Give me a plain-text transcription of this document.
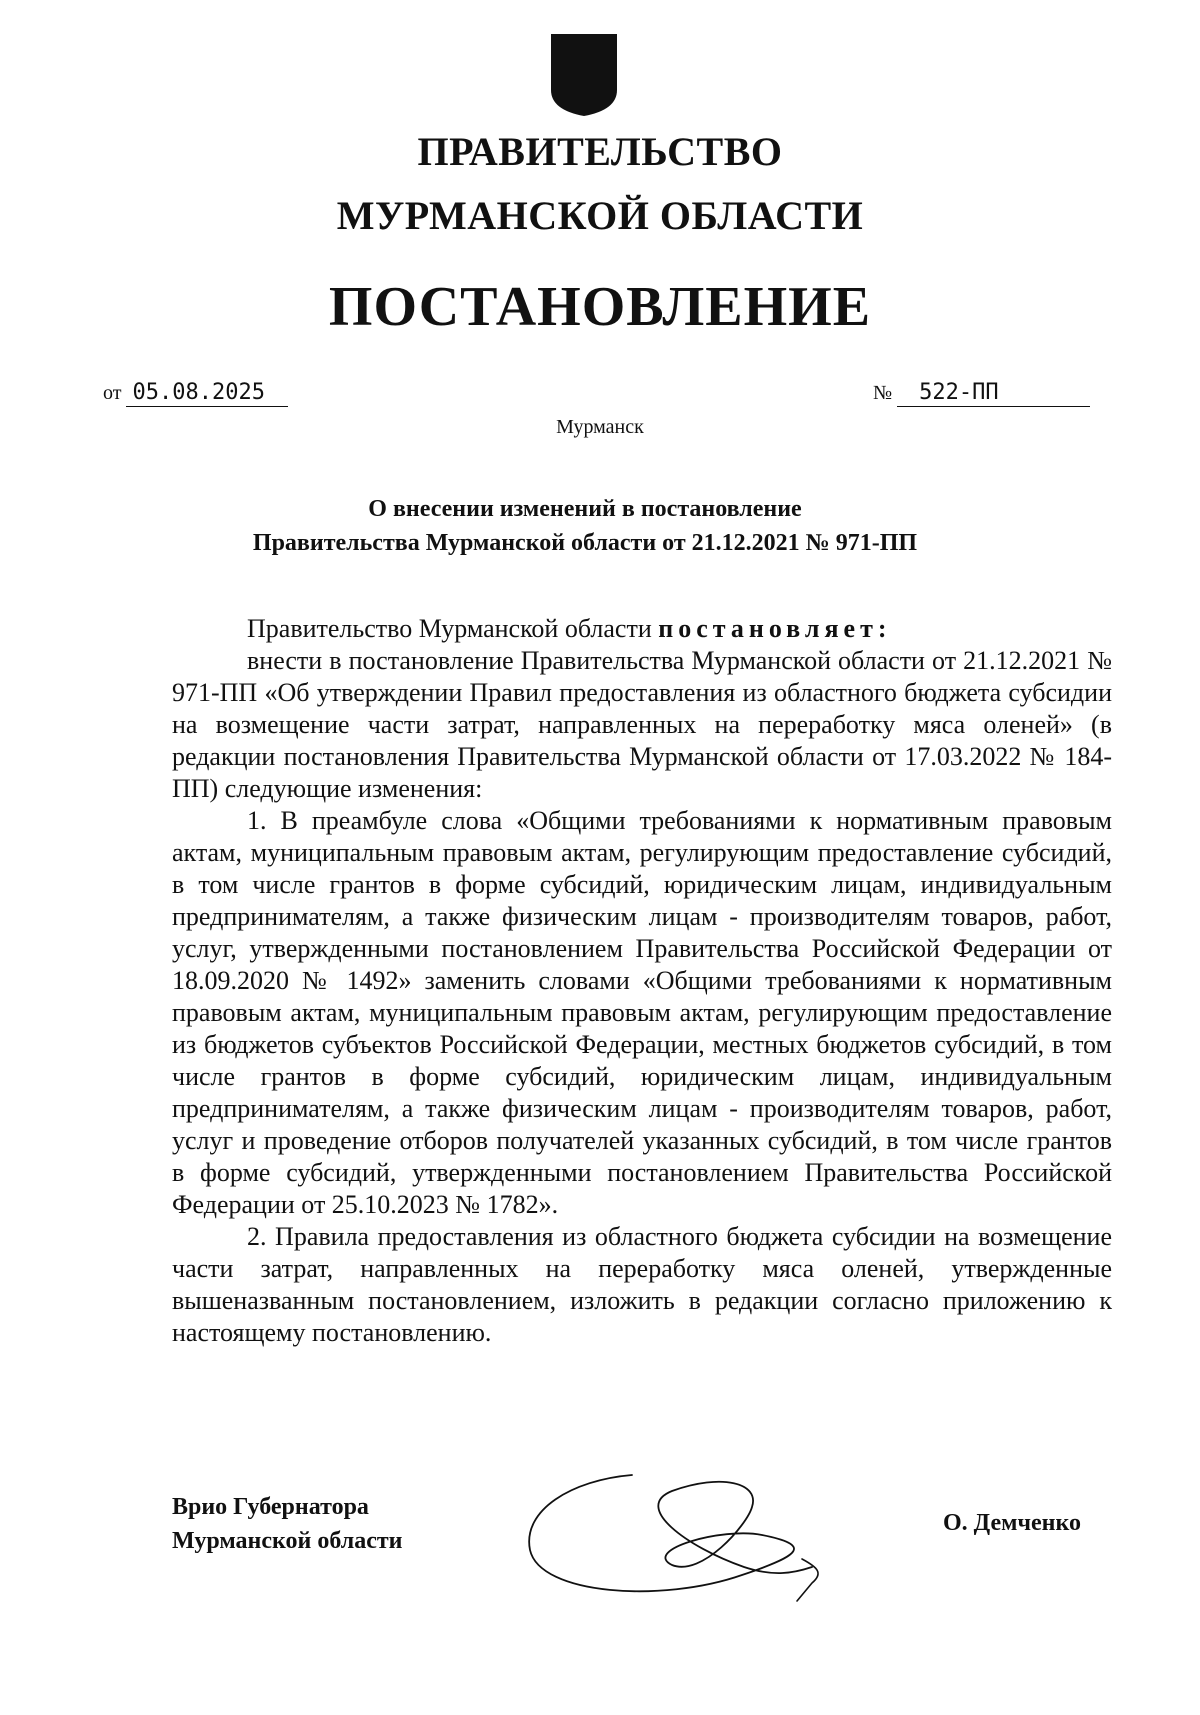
ПРАВИТЕЛЬСТВО
МУРМАНСКОЙ ОБЛАСТИ
ПОСТАНОВЛЕНИЕ
от 05.08.2025	№ 522-ПП
Мурманск
О внесении изменений в постановление
Правительства Мурманской области от 21.12.2021 № 971-ПП

Правительство Мурманской области постановляет:

внести в постановление Правительства Мурманской области от 21.12.2021 № 971-ПП «Об утверждении Правил предоставления из областного бюджета субсидии на возмещение части затрат, направленных на переработку мяса оленей» (в редакции постановления Правительства Мурманской области от 17.03.2022 № 184-ПП) следующие изменения:

1. В преамбуле слова «Общими требованиями к нормативным правовым актам, муниципальным правовым актам, регулирующим предоставление субсидий, в том числе грантов в форме субсидий, юридическим лицам, индивидуальным предпринимателям, а также физическим лицам - производителям товаров, работ, услуг, утвержденными постановлением Правительства Российской Федерации от 18.09.2020 № 1492» заменить словами «Общими требованиями к нормативным правовым актам, муниципальным правовым актам, регулирующим предоставление из бюджетов субъектов Российской Федерации, местных бюджетов субсидий, в том числе грантов в форме субсидий, юридическим лицам, индивидуальным предпринимателям, а также физическим лицам - производителям товаров, работ, услуг и проведение отборов получателей указанных субсидий, в том числе грантов в форме субсидий, утвержденными постановлением Правительства Российской Федерации от 25.10.2023 № 1782».

2. Правила предоставления из областного бюджета субсидии на возмещение части затрат, направленных на переработку мяса оленей, утвержденные вышеназванным постановлением, изложить в редакции согласно приложению к настоящему постановлению.

Врио Губернатора
Мурманской области
О. Демченко
